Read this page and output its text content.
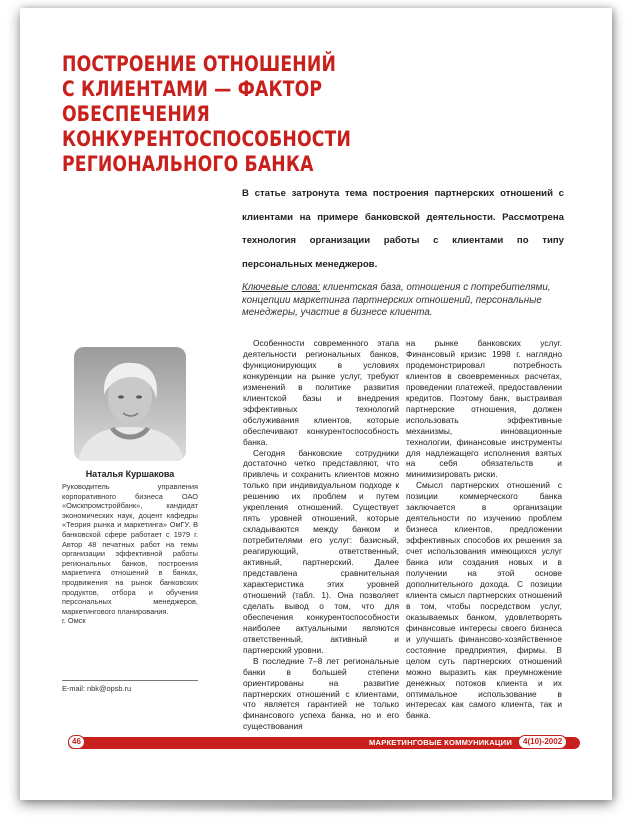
ПОСТРОЕНИЕ ОТНОШЕНИЙ
С КЛИЕНТАМИ — ФАКТОР ОБЕСПЕЧЕНИЯ
КОНКУРЕНТОСПОСОБНОСТИ
РЕГИОНАЛЬНОГО БАНКА
В статье затронута тема построения партнерских отношений с клиентами на примере банковской деятельности. Рассмотрена технология организации работы с клиентами по типу персональных менеджеров.
Ключевые слова: клиентская база, отношения с потребителями, концепции маркетинга партнерских отношений, персональные менеджеры, участие в бизнесе клиента.
Наталья Куршакова
Руководитель управления корпоративного бизнеса ОАО «Омскпромстройбанк», кандидат экономических наук, доцент кафедры «Теория рынка и маркетинга» ОмГУ. В банковской сфере работает с 1979 г. Автор 48 печатных работ на темы организации эффективной работы региональных банков, построения маркетинга отношений в банках, продвижения на рынок банковских продуктов, отбора и обучения персональных менеджеров, маркетингового планирования.
г. Омск
E-mail: nbk@opsb.ru

Особенности современного этапа деятельности региональных банков, функционирующих в условиях конкуренции на рынке услуг, требуют изменений в политике развития клиентской базы и внедрения эффективных технологий обслуживания клиентов, которые обеспечивают конкурентоспособность банка.

Сегодня банковские сотрудники достаточно четко представляют, что привлечь и сохранить клиентов можно только при индивидуальном подходе к решению их проблем и путем укрепления отношений. Существует пять уровней отношений, которые складываются между банком и потребителями его услуг: базисный, реагирующий, ответственный, активный, партнерский. Далее представлена сравнительная характеристика этих уровней отношений (табл. 1). Она позволяет сделать вывод о том, что для обеспечения конкурентоспособности наиболее актуальными являются ответственный, активный и партнерский уровни.

В последние 7–8 лет региональные банки в большей степени ориентированы на развитие партнерских отношений с клиентами, что является гарантией не только финансового успеха банка, но и его существования

на рынке банковских услуг. Финансовый кризис 1998 г. наглядно продемонстрировал потребность клиентов в своевременных расчетах, проведении платежей, предоставлении кредитов. Поэтому банк, выстраивая партнерские отношения, должен использовать эффективные механизмы, инновационные технологии, финансовые инструменты для надлежащего исполнения взятых на себя обязательств и минимизировать риски.

Смысл партнерских отношений с позиции коммерческого банка заключается в организации деятельности по изучению проблем бизнеса клиентов, предложении эффективных способов их решения за счет использования имеющихся услуг банка или создания новых и в получении на этой основе дополнительного дохода. С позиции клиента смысл партнерских отношений в том, чтобы посредством услуг, оказываемых банком, удовлетворять финансовые интересы своего бизнеса и улучшать финансово-хозяйственное состояние предприятия, фирмы. В целом суть партнерских отношений можно выразить как преумножение денежных потоков клиента и их оптимальное использование в интересах как самого клиента, так и банка.

46	МАРКЕТИНГОВЫЕ КОММУНИКАЦИИ	4(10)-2002
